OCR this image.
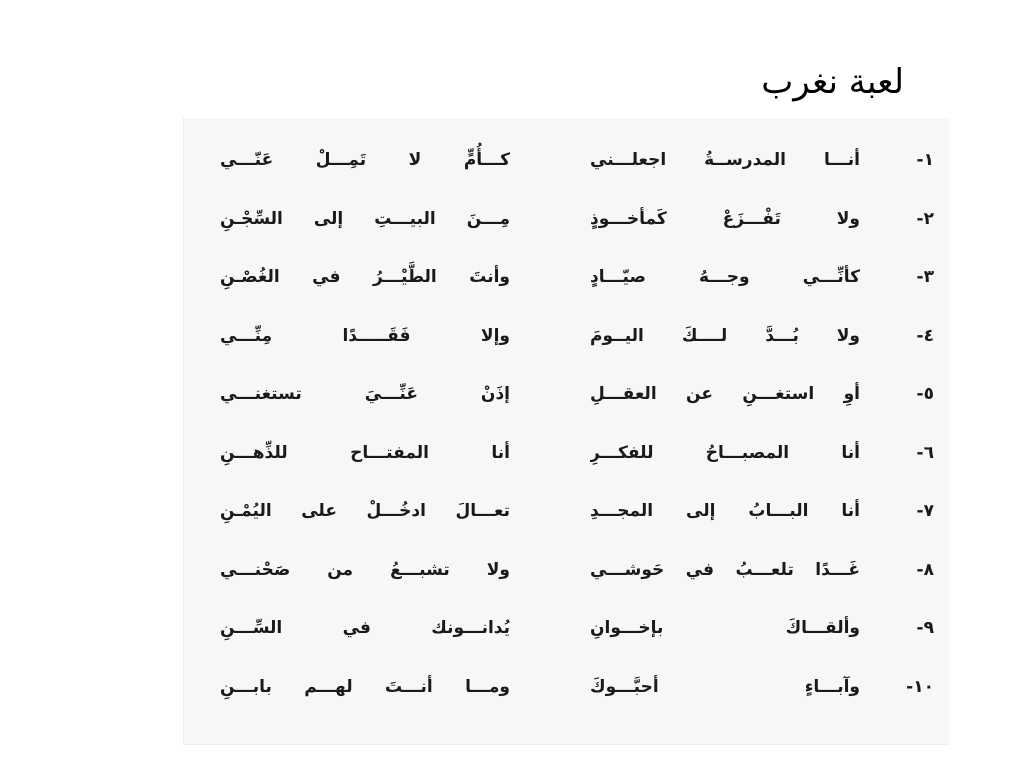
لعبة نغرب
١-
أنـــا المدرســةُ اجعلـــني
كـــأُمٍّ لا تَمِـــلْ عَنّـــي
٢-
ولا تَفْـــزَعْ كَمأخـــوذٍ
مِـــنَ البيـــتِ إلى السِّجْـنِ
٣-
كأنِّـــي وجـــهُ صيّـــادٍ
وأنتَ الطَّيْـــرُ في الغُصْـنِ
٤-
ولا بُـــدَّ لــــكَ اليــومَ
وإلا فَقَـــــدًا مِنِّـــي
٥-
أوِ استغـــنِ عن العقـــلِ
إذَنْ عَنِّـــيَ تستغنـــي
٦-
أنا المصبـــاحُ للفكـــرِ
أنا المفتـــاح للذِّهـــنِ
٧-
أنا البـــابُ إلى المجـــدِ
تعـــالَ ادخُـــلْ على اليُمْـنِ
٨-
غَـــدًا تلعـــبُ في حَوشـــي
ولا تشبـــعُ من صَحْنـــي
٩-
وألقـــاكَ بإخـــوانِ
يُدانـــونك في السِّـــنِ
١٠-
وآبـــاءٍ أحبَّـــوكَ
ومـــا أنـــتَ لهـــم بابـــنِ
